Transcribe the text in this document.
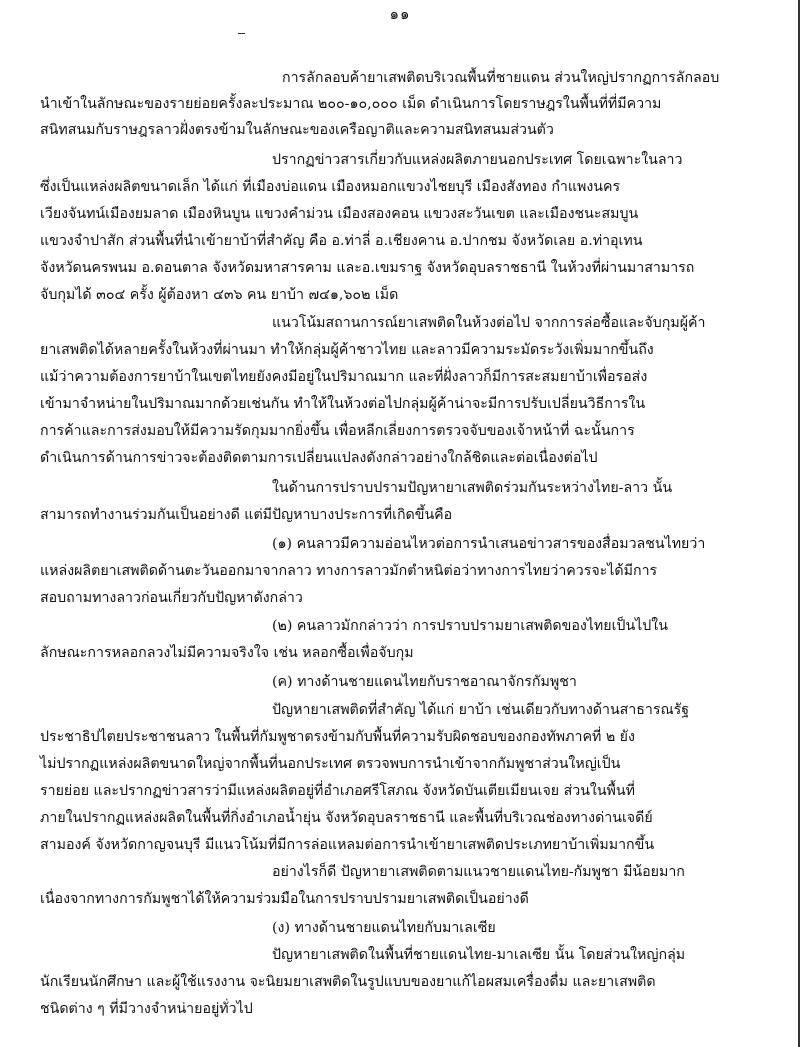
๑๑
การลักลอบค้ายาเสพติดบริเวณพื้นที่ชายแดน ส่วนใหญ่ปรากฏการลักลอบ
นำเข้าในลักษณะของรายย่อยครั้งละประมาณ ๒๐๐-๑๐,๐๐๐ เม็ด ดำเนินการโดยราษฎรในพื้นที่ที่มีความ
สนิทสนมกับราษฎรลาวฝั่งตรงข้ามในลักษณะของเครือญาติและความสนิทสนมส่วนตัว
ปรากฏข่าวสารเกี่ยวกับแหล่งผลิตภายนอกประเทศ โดยเฉพาะในลาว
ซึ่งเป็นแหล่งผลิตขนาดเล็ก ได้แก่ ที่เมืองบ่อแดน เมืองหมอกแขวงไชยบุรี เมืองสังทอง กำแพงนคร
เวียงจันทน์เมืองยมลาด เมืองหินบูน แขวงคำม่วน เมืองสองคอน แขวงสะวันเขต และเมืองชนะสมบูน
แขวงจำปาสัก ส่วนพื้นที่นำเข้ายาบ้าที่สำคัญ คือ อ.ท่าลี่ อ.เชียงคาน อ.ปากชม จังหวัดเลย อ.ท่าอุเทน
จังหวัดนครพนม อ.ดอนตาล จังหวัดมหาสารคาม และอ.เขมราฐ จังหวัดอุบลราชธานี ในห้วงที่ผ่านมาสามารถ
จับกุมได้ ๓๐๔ ครั้ง ผู้ต้องหา ๔๓๖ คน ยาบ้า ๗๔๑,๖๐๒ เม็ด
แนวโน้มสถานการณ์ยาเสพติดในห้วงต่อไป จากการล่อซื้อและจับกุมผู้ค้า
ยาเสพติดได้หลายครั้งในห้วงที่ผ่านมา ทำให้กลุ่มผู้ค้าชาวไทย และลาวมีความระมัดระวังเพิ่มมากขึ้นถึง
แม้ว่าความต้องการยาบ้าในเขตไทยยังคงมีอยู่ในปริมาณมาก และที่ฝั่งลาวก็มีการสะสมยาบ้าเพื่อรอส่ง
เข้ามาจำหน่ายในปริมาณมากด้วยเช่นกัน ทำให้ในห้วงต่อไปกลุ่มผู้ค้าน่าจะมีการปรับเปลี่ยนวิธีการใน
การค้าและการส่งมอบให้มีความรัดกุมมากยิ่งขึ้น เพื่อหลีกเลี่ยงการตรวจจับของเจ้าหน้าที่ ฉะนั้นการ
ดำเนินการด้านการข่าวจะต้องติดตามการเปลี่ยนแปลงดังกล่าวอย่างใกล้ชิดและต่อเนื่องต่อไป
ในด้านการปราบปรามปัญหายาเสพติดร่วมกันระหว่างไทย-ลาว นั้น
สามารถทำงานร่วมกันเป็นอย่างดี แต่มีปัญหาบางประการที่เกิดขึ้นคือ
(๑) คนลาวมีความอ่อนไหวต่อการนำเสนอข่าวสารของสื่อมวลชนไทยว่า
แหล่งผลิตยาเสพติดด้านตะวันออกมาจากลาว ทางการลาวมักตำหนิต่อว่าทางการไทยว่าควรจะได้มีการ
สอบถามทางลาวก่อนเกี่ยวกับปัญหาดังกล่าว
(๒) คนลาวมักกล่าวว่า การปราบปรามยาเสพติดของไทยเป็นไปใน
ลักษณะการหลอกลวงไม่มีความจริงใจ เช่น หลอกซื้อเพื่อจับกุม
(ค) ทางด้านชายแดนไทยกับราชอาณาจักรกัมพูชา
ปัญหายาเสพติดที่สำคัญ ได้แก่ ยาบ้า เช่นเดียวกับทางด้านสาธารณรัฐ
ประชาธิปไตยประชาชนลาว ในพื้นที่กัมพูชาตรงข้ามกับพื้นที่ความรับผิดชอบของกองทัพภาคที่ ๒ ยัง
ไม่ปรากฏแหล่งผลิตขนาดใหญ่จากพื้นที่นอกประเทศ ตรวจพบการนำเข้าจากกัมพูชาส่วนใหญ่เป็น
รายย่อย และปรากฏข่าวสารว่ามีแหล่งผลิตอยู่ที่อำเภอศรีโสภณ จังหวัดบันเตียเมียนเจย ส่วนในพื้นที่
ภายในปรากฏแหล่งผลิตในพื้นที่กิ่งอำเภอน้ำยุ่น จังหวัดอุบลราชธานี และพื้นที่บริเวณช่องทางด่านเจดีย์
สามองค์ จังหวัดกาญจนบุรี มีแนวโน้มที่มีการล่อแหลมต่อการนำเข้ายาเสพติดประเภทยาบ้าเพิ่มมากขึ้น
อย่างไรก็ดี ปัญหายาเสพติดตามแนวชายแดนไทย-กัมพูชา มีน้อยมาก
เนื่องจากทางการกัมพูชาได้ให้ความร่วมมือในการปราบปรามยาเสพติดเป็นอย่างดี
(ง) ทางด้านชายแดนไทยกับมาเลเซีย
ปัญหายาเสพติดในพื้นที่ชายแดนไทย-มาเลเซีย นั้น โดยส่วนใหญ่กลุ่ม
นักเรียนนักศึกษา และผู้ใช้แรงงาน จะนิยมยาเสพติดในรูปแบบของยาแก้ไอผสมเครื่องดื่ม และยาเสพติด
ชนิดต่าง ๆ ที่มีวางจำหน่ายอยู่ทั่วไป
